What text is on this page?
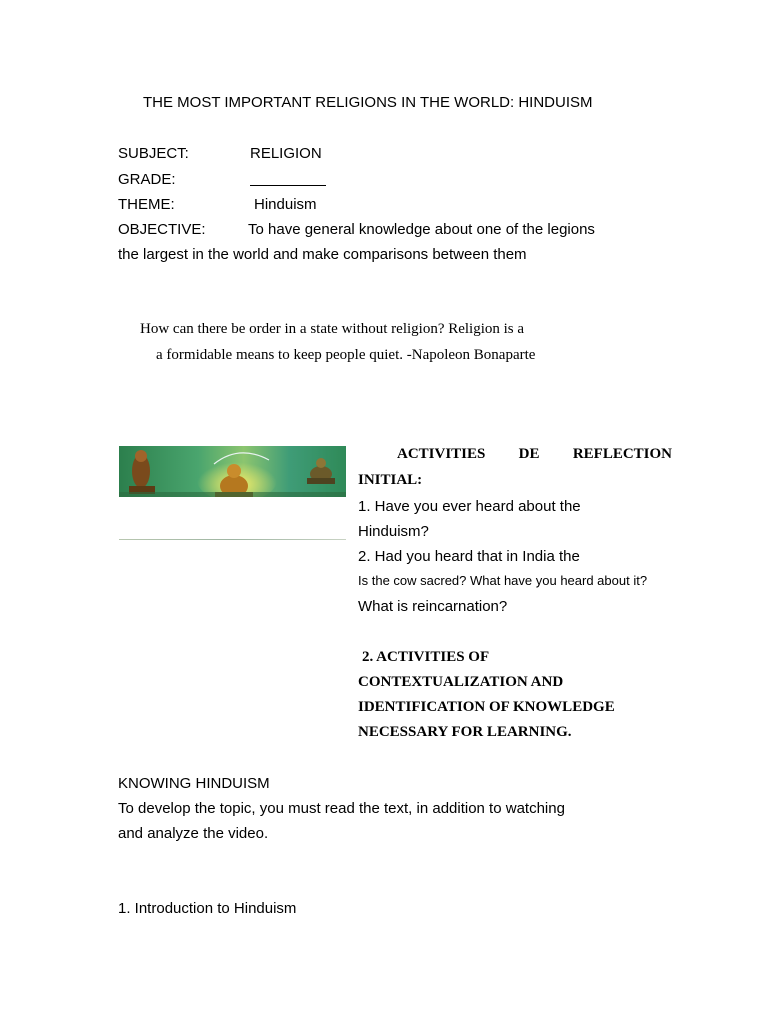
THE MOST IMPORTANT RELIGIONS IN THE WORLD: HINDUISM
SUBJECT:	RELIGION
GRADE:
THEME:	Hinduism
OBJECTIVE:	To have general knowledge about one of the legions
the largest in the world and make comparisons between them
How can there be order in a state without religion? Religion is a
a formidable means to keep people quiet. -Napoleon Bonaparte
ACTIVITIES DE REFLECTION
INITIAL:
1. Have you ever heard about the
Hinduism?
2. Had you heard that in India the
Is the cow sacred? What have you heard about it?
What is reincarnation?
2. ACTIVITIES OF
CONTEXTUALIZATION AND
IDENTIFICATION OF KNOWLEDGE
NECESSARY FOR LEARNING.
KNOWING HINDUISM
To develop the topic, you must read the text, in addition to watching
and analyze the video.
1. Introduction to Hinduism
